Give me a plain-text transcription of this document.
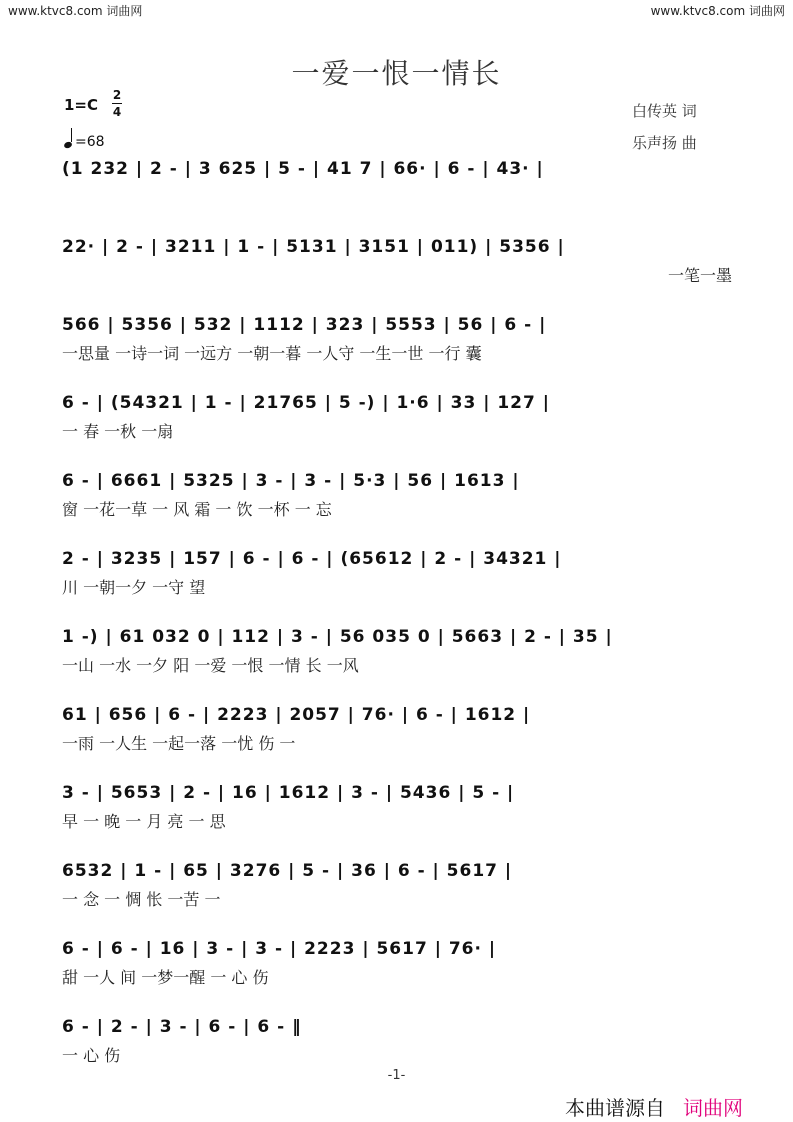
www.ktvc8.com 词曲网	www.ktvc8.com 词曲网
一爱一恨一情长
1=C
2
4
=68
白传英 词
乐声扬 曲
(1 232 | 2 - | 3 625 | 5 - | 41 7 | 66· | 6 - | 43· |
22· | 2 - | 3211 | 1 - | 5131 | 3151 | 011) | 5356 |
一笔一墨
566 | 5356 | 532 | 1112 | 323 | 5553 | 56 | 6 - |
一思量 一诗一词 一远方 一朝一暮 一人守 一生一世 一行 囊
6 - | (54321 | 1 - | 21765 | 5 -) | 1·6 | 33 | 127 |
一 春 一秋 一扇
6 - | 6661 | 5325 | 3 - | 3 - | 5·3 | 56 | 1613 |
窗 一花一草 一 风 霜 一 饮 一杯 一 忘
2 - | 3235 | 157 | 6 - | 6 - | (65612 | 2 - | 34321 |
川 一朝一夕 一守 望
1 -) | 61 032 0 | 112 | 3 - | 56 035 0 | 5663 | 2 - | 35 |
一山 一水 一夕 阳 一爱 一恨 一情 长 一风
61 | 656 | 6 - | 2223 | 2057 | 76· | 6 - | 1612 |
一雨 一人生 一起一落 一忧 伤 一
3 - | 5653 | 2 - | 16 | 1612 | 3 - | 5436 | 5 - |
早 一 晚 一 月 亮 一 思
6532 | 1 - | 65 | 3276 | 5 - | 36 | 6 - | 5617 |
一 念 一 惆 怅 一苦 一
6 - | 6 - | 16 | 3 - | 3 - | 2223 | 5617 | 76· |
甜 一人 间 一梦一醒 一 心 伤
6 - | 2 - | 3 - | 6 - | 6 - ‖
一 心 伤
-1-
本曲谱源自 词曲网
